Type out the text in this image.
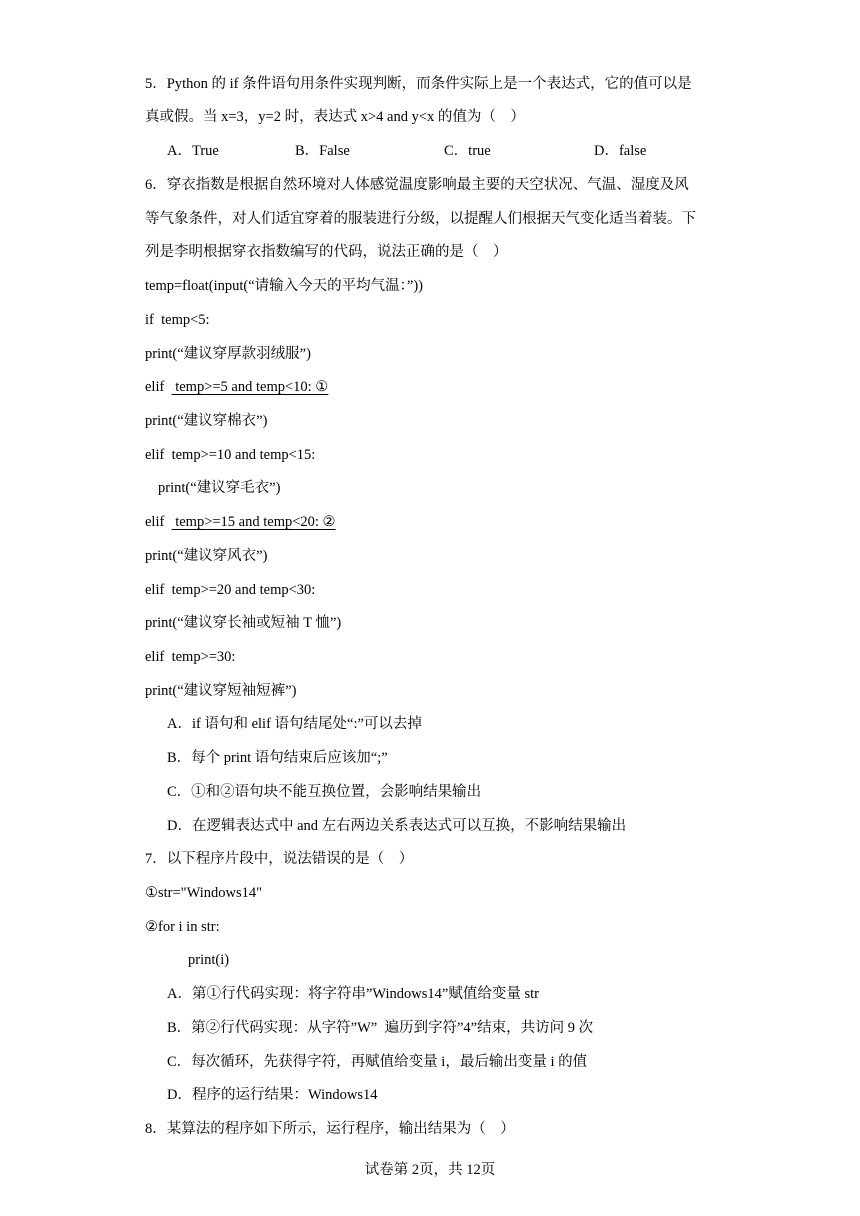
5．Python 的 if 条件语句用条件实现判断，而条件实际上是一个表达式，它的值可以是
真或假。当 x=3，y=2 时，表达式 x>4 and y<x 的值为（　）
A．True	B．False	C．true	D．false
6．穿衣指数是根据自然环境对人体感觉温度影响最主要的天空状况、气温、湿度及风
等气象条件，对人们适宜穿着的服装进行分级，以提醒人们根据天气变化适当着装。下
列是李明根据穿衣指数编写的代码，说法正确的是（　）
temp=float(input(“请输入今天的平均气温：”))
if  temp<5:
print(“建议穿厚款羽绒服”)
elif   temp>=5 and temp<10: ①
print(“建议穿棉衣”)
elif  temp>=10 and temp<15:
print(“建议穿毛衣”)
elif   temp>=15 and temp<20: ②
print(“建议穿风衣”)
elif  temp>=20 and temp<30:
print(“建议穿长袖或短袖 T 恤”)
elif  temp>=30:
print(“建议穿短袖短裤”)
A．if 语句和 elif 语句结尾处“:”可以去掉
B．每个 print 语句结束后应该加“;”
C．①和②语句块不能互换位置，会影响结果输出
D．在逻辑表达式中 and 左右两边关系表达式可以互换，不影响结果输出
7．以下程序片段中，说法错误的是（　）
①str="Windows14"
②for i in str:
print(i)
A．第①行代码实现：将字符串”Windows14”赋值给变量 str
B．第②行代码实现：从字符”W”  遍历到字符”4”结束，共访问 9 次
C．每次循环，先获得字符，再赋值给变量 i，最后输出变量 i 的值
D．程序的运行结果：Windows14
8．某算法的程序如下所示，运行程序，输出结果为（　）
试卷第 2页，共 12页
